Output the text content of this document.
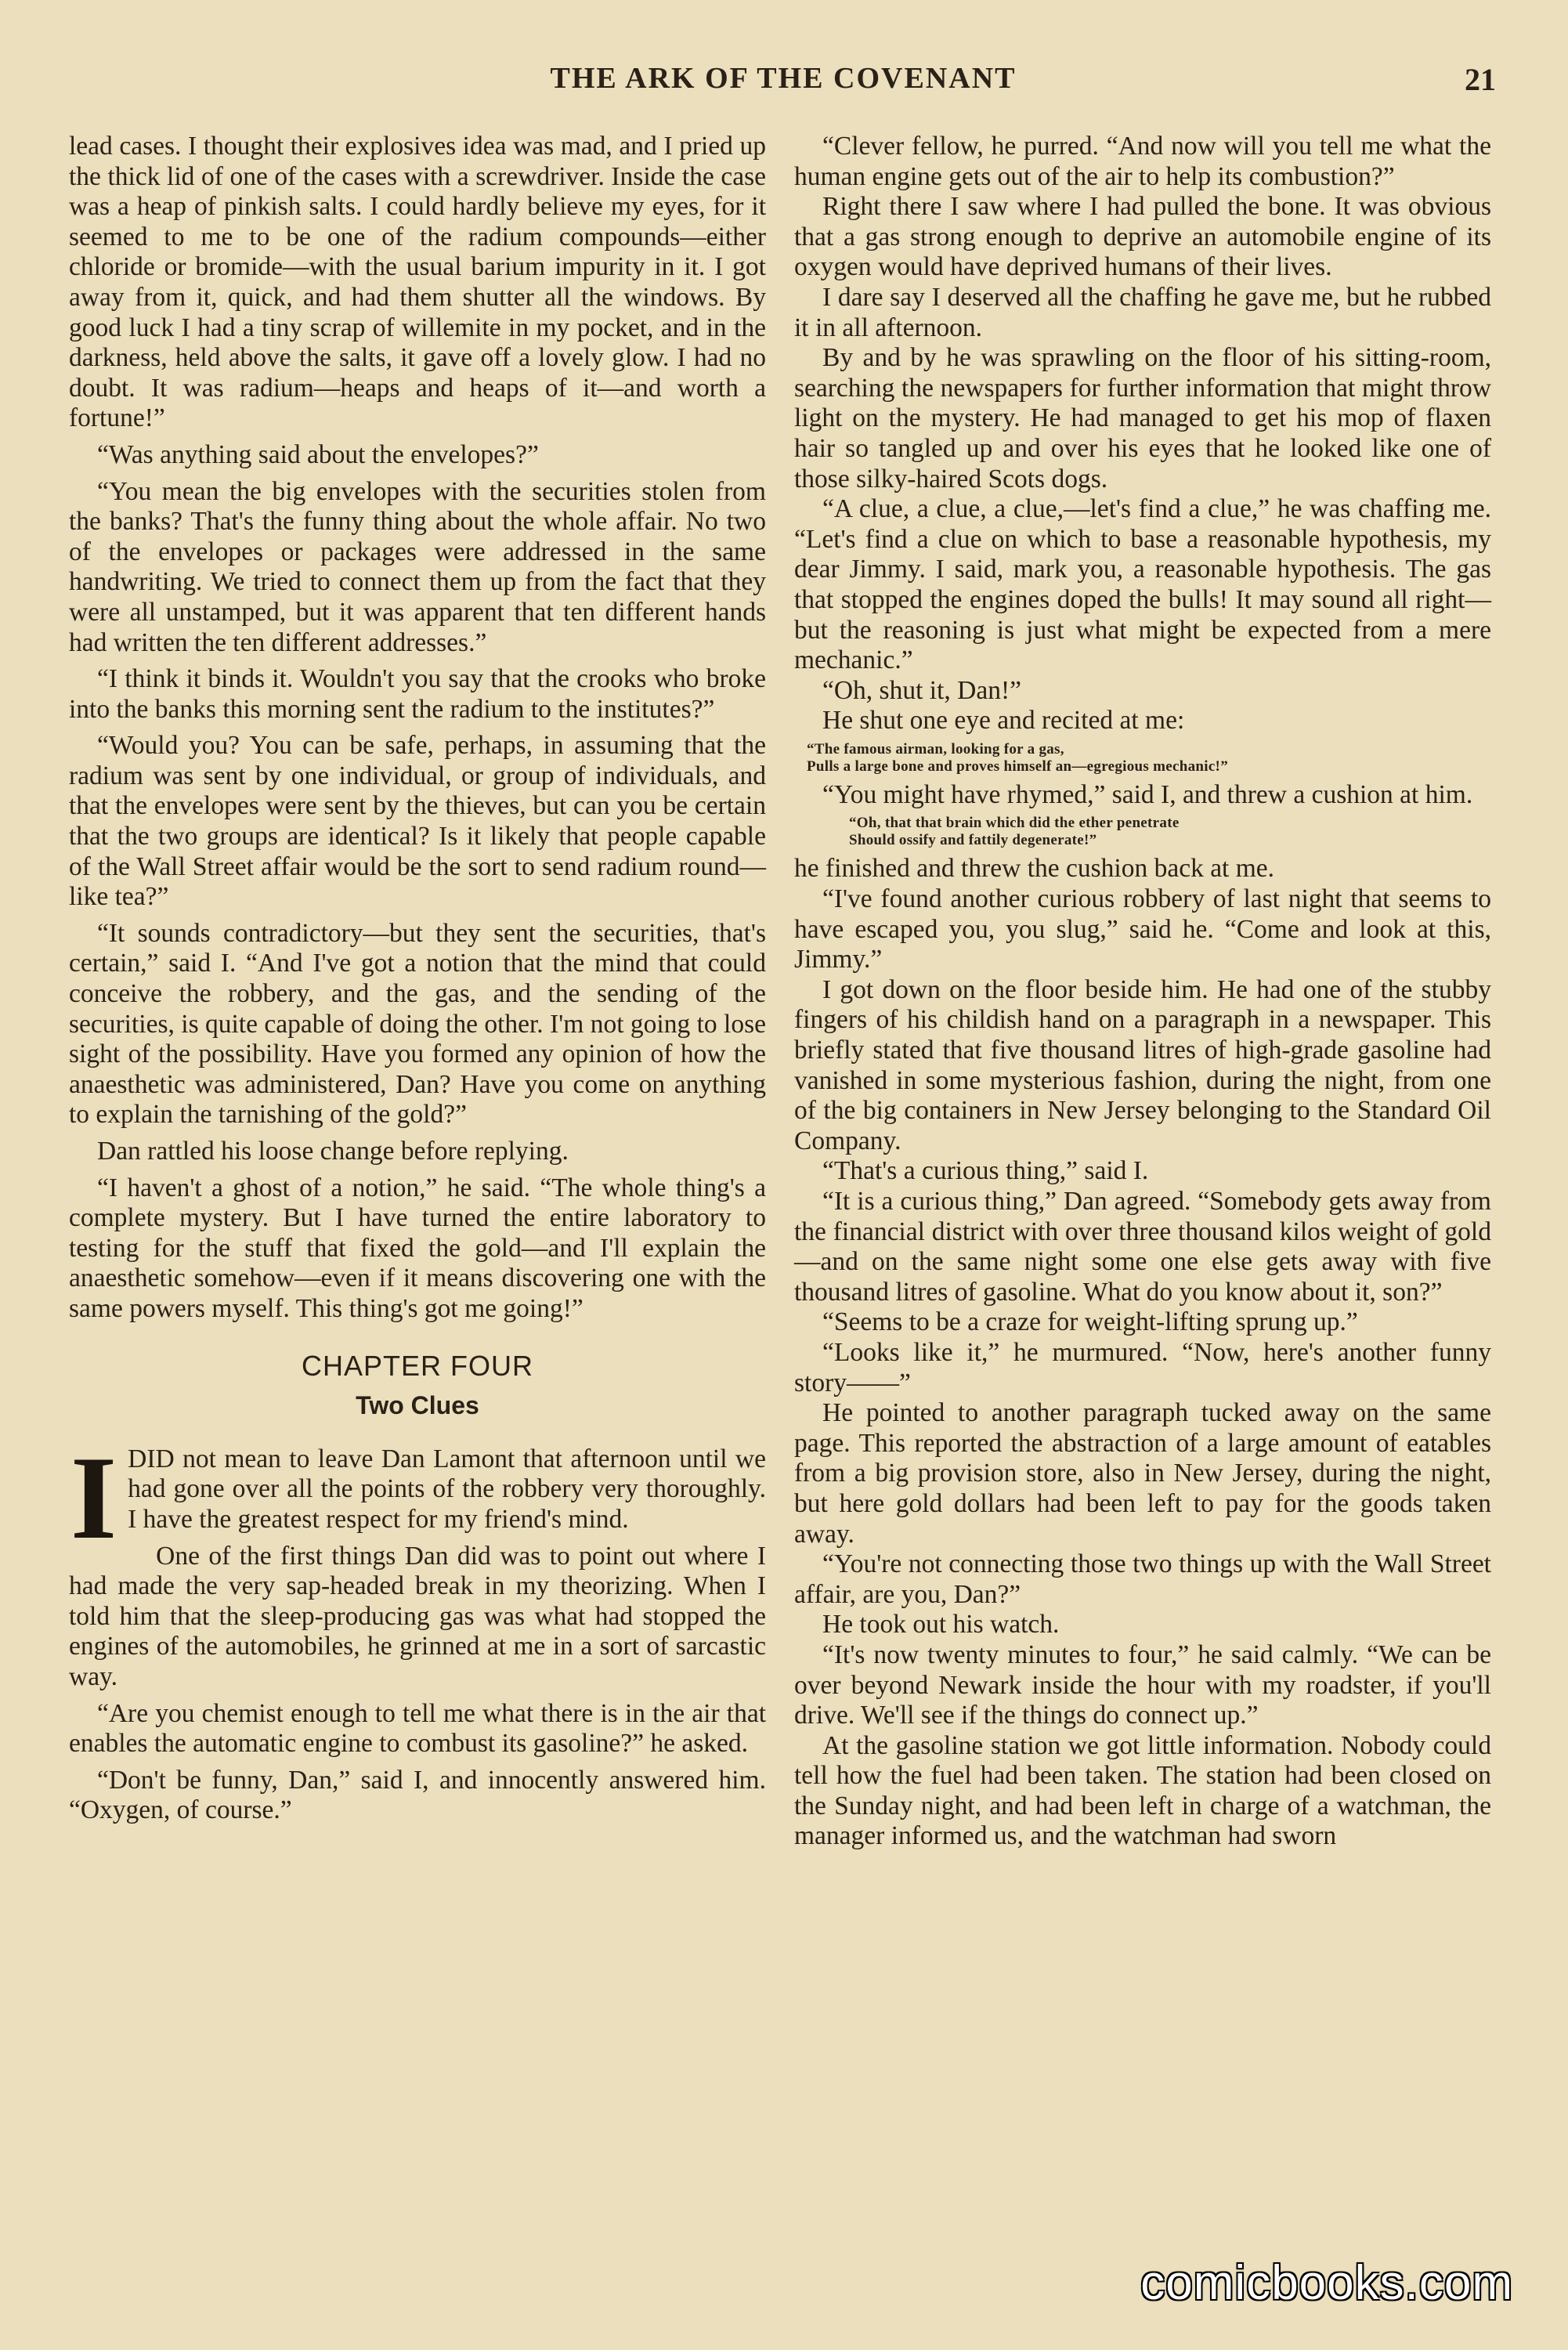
THE ARK OF THE COVENANT	21

lead cases. I thought their explosives idea was mad, and I pried up the thick lid of one of the cases with a screwdriver. Inside the case was a heap of pinkish salts. I could hardly believe my eyes, for it seemed to me to be one of the radium compounds—either chloride or bromide—with the usual barium impurity in it. I got away from it, quick, and had them shutter all the windows. By good luck I had a tiny scrap of willemite in my pocket, and in the darkness, held above the salts, it gave off a lovely glow. I had no doubt. It was radium—heaps and heaps of it—and worth a fortune!”

“Was anything said about the envelopes?”

“You mean the big envelopes with the securities stolen from the banks? That's the funny thing about the whole affair. No two of the envelopes or packages were addressed in the same handwriting. We tried to connect them up from the fact that they were all unstamped, but it was apparent that ten different hands had written the ten different addresses.”

“I think it binds it. Wouldn't you say that the crooks who broke into the banks this morning sent the radium to the institutes?”

“Would you? You can be safe, perhaps, in assuming that the radium was sent by one individual, or group of individuals, and that the envelopes were sent by the thieves, but can you be certain that the two groups are identical? Is it likely that people capable of the Wall Street affair would be the sort to send radium round—like tea?”

“It sounds contradictory—but they sent the securities, that's certain,” said I. “And I've got a notion that the mind that could conceive the robbery, and the gas, and the sending of the securities, is quite capable of doing the other. I'm not going to lose sight of the possibility. Have you formed any opinion of how the anaesthetic was administered, Dan? Have you come on anything to explain the tarnishing of the gold?”

Dan rattled his loose change before replying.

“I haven't a ghost of a notion,” he said. “The whole thing's a complete mystery. But I have turned the entire laboratory to testing for the stuff that fixed the gold—and I'll explain the anaesthetic somehow—even if it means discovering one with the same powers myself. This thing's got me going!”

CHAPTER FOUR
Two Clues

IDID not mean to leave Dan Lamont that afternoon until we had gone over all the points of the robbery very thoroughly. I have the greatest respect for my friend's mind.

One of the first things Dan did was to point out where I had made the very sap-headed break in my theorizing. When I told him that the sleep-producing gas was what had stopped the engines of the automobiles, he grinned at me in a sort of sarcastic way.

“Are you chemist enough to tell me what there is in the air that enables the automatic engine to combust its gasoline?” he asked.

“Don't be funny, Dan,” said I, and innocently answered him. “Oxygen, of course.”

“Clever fellow, he purred. “And now will you tell me what the human engine gets out of the air to help its combustion?”

Right there I saw where I had pulled the bone. It was obvious that a gas strong enough to deprive an automobile engine of its oxygen would have deprived humans of their lives.

I dare say I deserved all the chaffing he gave me, but he rubbed it in all afternoon.

By and by he was sprawling on the floor of his sitting-room, searching the newspapers for further information that might throw light on the mystery. He had managed to get his mop of flaxen hair so tangled up and over his eyes that he looked like one of those silky-haired Scots dogs.

“A clue, a clue, a clue,—let's find a clue,” he was chaffing me. “Let's find a clue on which to base a reasonable hypothesis, my dear Jimmy. I said, mark you, a reasonable hypothesis. The gas that stopped the engines doped the bulls! It may sound all right—but the reasoning is just what might be expected from a mere mechanic.”

“Oh, shut it, Dan!”

He shut one eye and recited at me:

“The famous airman, looking for a gas,
Pulls a large bone and proves himself an—egregious mechanic!”

“You might have rhymed,” said I, and threw a cushion at him.

“Oh, that that brain which did the ether penetrate
Should ossify and fattily degenerate!”

he finished and threw the cushion back at me.

“I've found another curious robbery of last night that seems to have escaped you, you slug,” said he. “Come and look at this, Jimmy.”

I got down on the floor beside him. He had one of the stubby fingers of his childish hand on a paragraph in a newspaper. This briefly stated that five thousand litres of high-grade gasoline had vanished in some mysterious fashion, during the night, from one of the big containers in New Jersey belonging to the Standard Oil Company.

“That's a curious thing,” said I.

“It is a curious thing,” Dan agreed. “Somebody gets away from the financial district with over three thousand kilos weight of gold—and on the same night some one else gets away with five thousand litres of gasoline. What do you know about it, son?”

“Seems to be a craze for weight-lifting sprung up.”

“Looks like it,” he murmured. “Now, here's another funny story——”

He pointed to another paragraph tucked away on the same page. This reported the abstraction of a large amount of eatables from a big provision store, also in New Jersey, during the night, but here gold dollars had been left to pay for the goods taken away.

“You're not connecting those two things up with the Wall Street affair, are you, Dan?”

He took out his watch.

“It's now twenty minutes to four,” he said calmly. “We can be over beyond Newark inside the hour with my roadster, if you'll drive. We'll see if the things do connect up.”

At the gasoline station we got little information. Nobody could tell how the fuel had been taken. The station had been closed on the Sunday night, and had been left in charge of a watchman, the manager informed us, and the watchman had sworn

comicbooks.com
